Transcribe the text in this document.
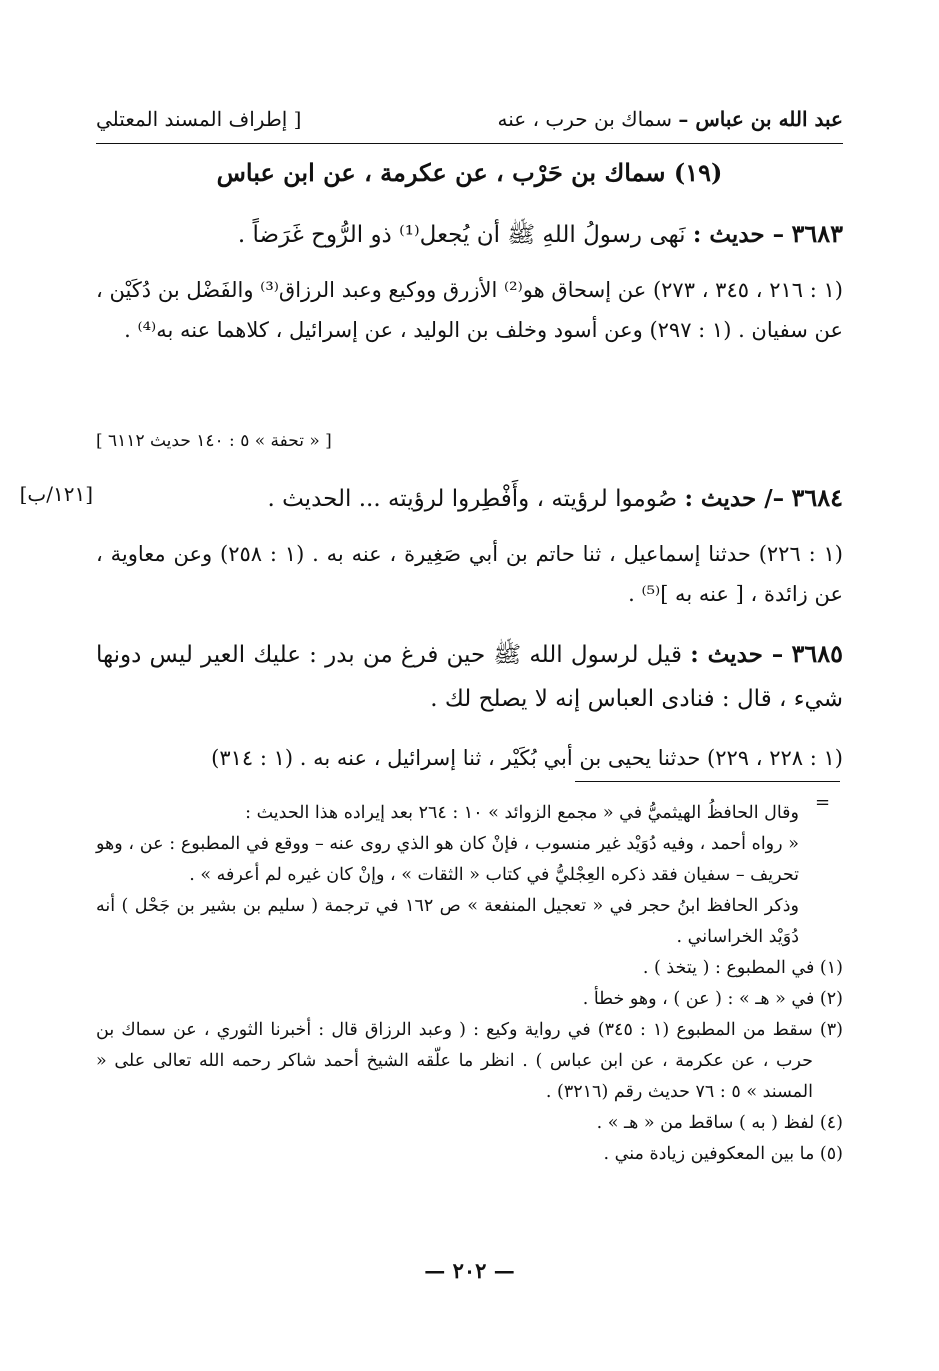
عبد الله بن عباس – سماك بن حرب ، عنه
[ إطراف المسند المعتلي
(١٩) سماك بن حَرْب ، عن عكرمة ، عن ابن عباس
٣٦٨٣ – حديث : نَهى رسولُ اللهِ ﷺ أن يُجعل⁽¹⁾ ذو الرُّوح غَرَضاً .
(١ : ٢١٦ ، ٣٤٥ ، ٢٧٣) عن إسحاق هو⁽²⁾ الأزرق ووكيع وعبد الرزاق⁽³⁾ والفَضْل بن دُكَيْن ، عن سفيان . (١ : ٢٩٧) وعن أسود وخلف بن الوليد ، عن إسرائيل ، كلاهما عنه به⁽⁴⁾ .
[ « تحفة » ٥ : ١٤٠ حديث ٦١١٢ ]
[١٢١/ب]	٣٦٨٤ –/ حديث : صُوموا لرؤيته ، وأَفْطِروا لرؤيته ... الحديث .
(١ : ٢٢٦) حدثنا إسماعيل ، ثنا حاتم بن أبي صَغِيرة ، عنه به . (١ : ٢٥٨) وعن معاوية ، عن زائدة ، [ عنه به ]⁽⁵⁾ .
٣٦٨٥ – حديث : قيل لرسول الله ﷺ حين فرغ من بدر : عليك العير ليس دونها شيء ، قال : فنادى العباس إنه لا يصلح لك .
(١ : ٢٢٨ ، ٢٢٩) حدثنا يحيى بن أبي بُكَيْر ، ثنا إسرائيل ، عنه به . (١ : ٣١٤)
=

وقال الحافظُ الهيثميُّ في « مجمع الزوائد » ١٠ : ٢٦٤ بعد إيراده هذا الحديث :

« رواه أحمد ، وفيه دُوَيْد غير منسوب ، فإنْ كان هو الذي روى عنه – ووقع في المطبوع : عن ، وهو تحريف – سفيان فقد ذكره العِجْليُّ في كتاب « الثقات » ، وإنْ كان غيره لم أعرفه » .

وذكر الحافظ ابنُ حجر في « تعجيل المنفعة » ص ١٦٢ في ترجمة ( سليم بن بشير بن جَحْل ) أنه دُوَيْد الخراساني .

(١) في المطبوع : ( يتخذ ) .

(٢) في « هـ » : ( عن ) ، وهو خطأ .

(٣) سقط من المطبوع (١ : ٣٤٥) في رواية وكيع : ( وعبد الرزاق قال : أخبرنا الثوري ، عن سماك بن حرب ، عن عكرمة ، عن ابن عباس ) . انظر ما علّقه الشيخ أحمد شاكر رحمه الله تعالى على « المسند » ٥ : ٧٦ حديث رقم (٣٢١٦) .

(٤) لفظ ( به ) ساقط من « هـ » .

(٥) ما بين المعكوفين زيادة مني .

— ٢٠٢ —
